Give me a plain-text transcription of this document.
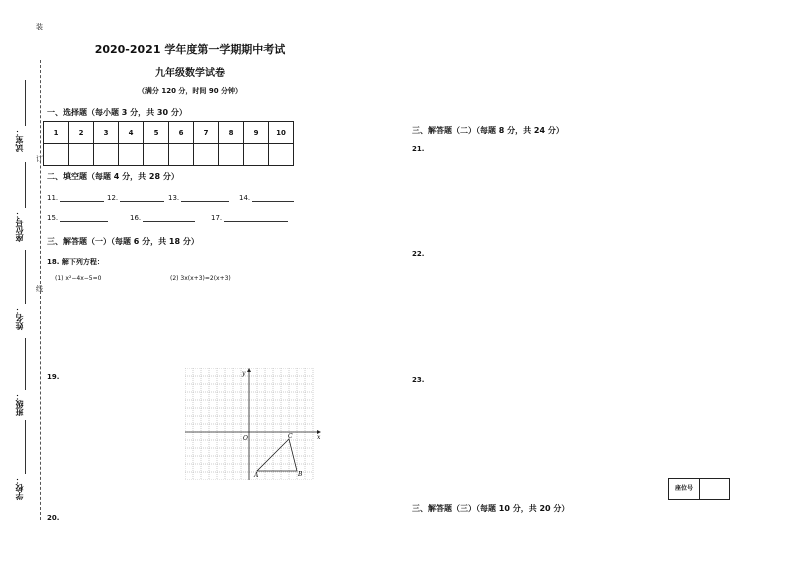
装
订
线
试室：
座位号：
姓名：
班级：
学校：
2020-2021 学年度第一学期期中考试
九年级数学试卷
（满分 120 分，时间 90 分钟）
一、选择题（每小题 3 分，共 30 分）
1	2	3	4	5	6	7	8	9	10

二、填空题（每题 4 分，共 28 分）
11.	12.	13.	14.
15.	16.	17.
三、解答题（一）（每题 6 分，共 18 分）
18. 解下列方程：
(1) x²−4x−5=0	(2) 3x(x+3)=2(x+3)
19.
20.
O	x
y
A	B
C
三、解答题（二）（每题 8 分，共 24 分）
21.
22.
23.
座位号
三、解答题（三）（每题 10 分，共 20 分）
